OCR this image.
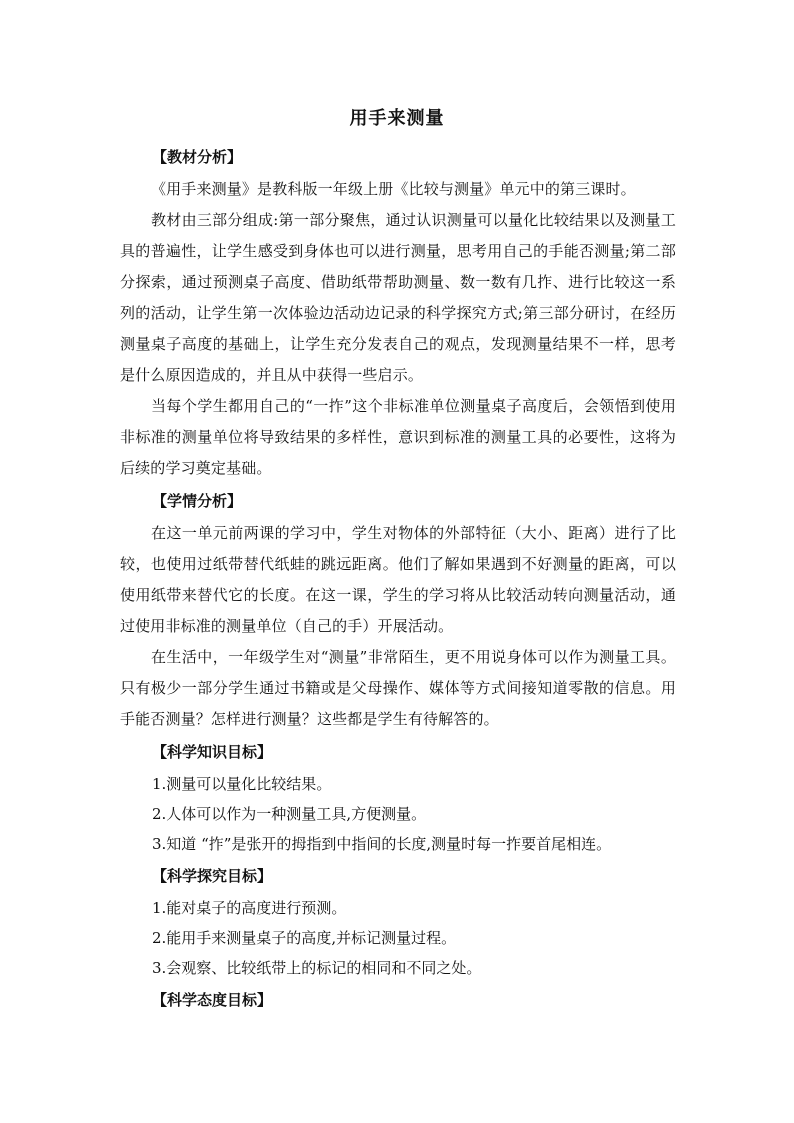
用手来测量

【教材分析】

《用手来测量》是教科版一年级上册《比较与测量》单元中的第三课时。

教材由三部分组成:第一部分聚焦，通过认识测量可以量化比较结果以及测量工具的普遍性，让学生感受到身体也可以进行测量，思考用自己的手能否测量;第二部分探索，通过预测桌子高度、借助纸带帮助测量、数一数有几拃、进行比较这一系列的活动，让学生第一次体验边活动边记录的科学探究方式;第三部分研讨，在经历测量桌子高度的基础上，让学生充分发表自己的观点，发现测量结果不一样，思考是什么原因造成的，并且从中获得一些启示。

当每个学生都用自己的“一拃”这个非标准单位测量桌子高度后，会领悟到使用非标准的测量单位将导致结果的多样性，意识到标准的测量工具的必要性，这将为后续的学习奠定基础。

【学情分析】

在这一单元前两课的学习中，学生对物体的外部特征（大小、距离）进行了比较，也使用过纸带替代纸蛙的跳远距离。他们了解如果遇到不好测量的距离，可以使用纸带来替代它的长度。在这一课，学生的学习将从比较活动转向测量活动，通过使用非标准的测量单位（自己的手）开展活动。

在生活中，一年级学生对“测量”非常陌生，更不用说身体可以作为测量工具。只有极少一部分学生通过书籍或是父母操作、媒体等方式间接知道零散的信息。用手能否测量？怎样进行测量？这些都是学生有待解答的。

【科学知识目标】

1.测量可以量化比较结果。

2.人体可以作为一种测量工具,方便测量。

3.知道 “拃”是张开的拇指到中指间的长度,测量时每一拃要首尾相连。

【科学探究目标】

1.能对桌子的高度进行预测。

2.能用手来测量桌子的高度,并标记测量过程。

3.会观察、比较纸带上的标记的相同和不同之处。

【科学态度目标】
